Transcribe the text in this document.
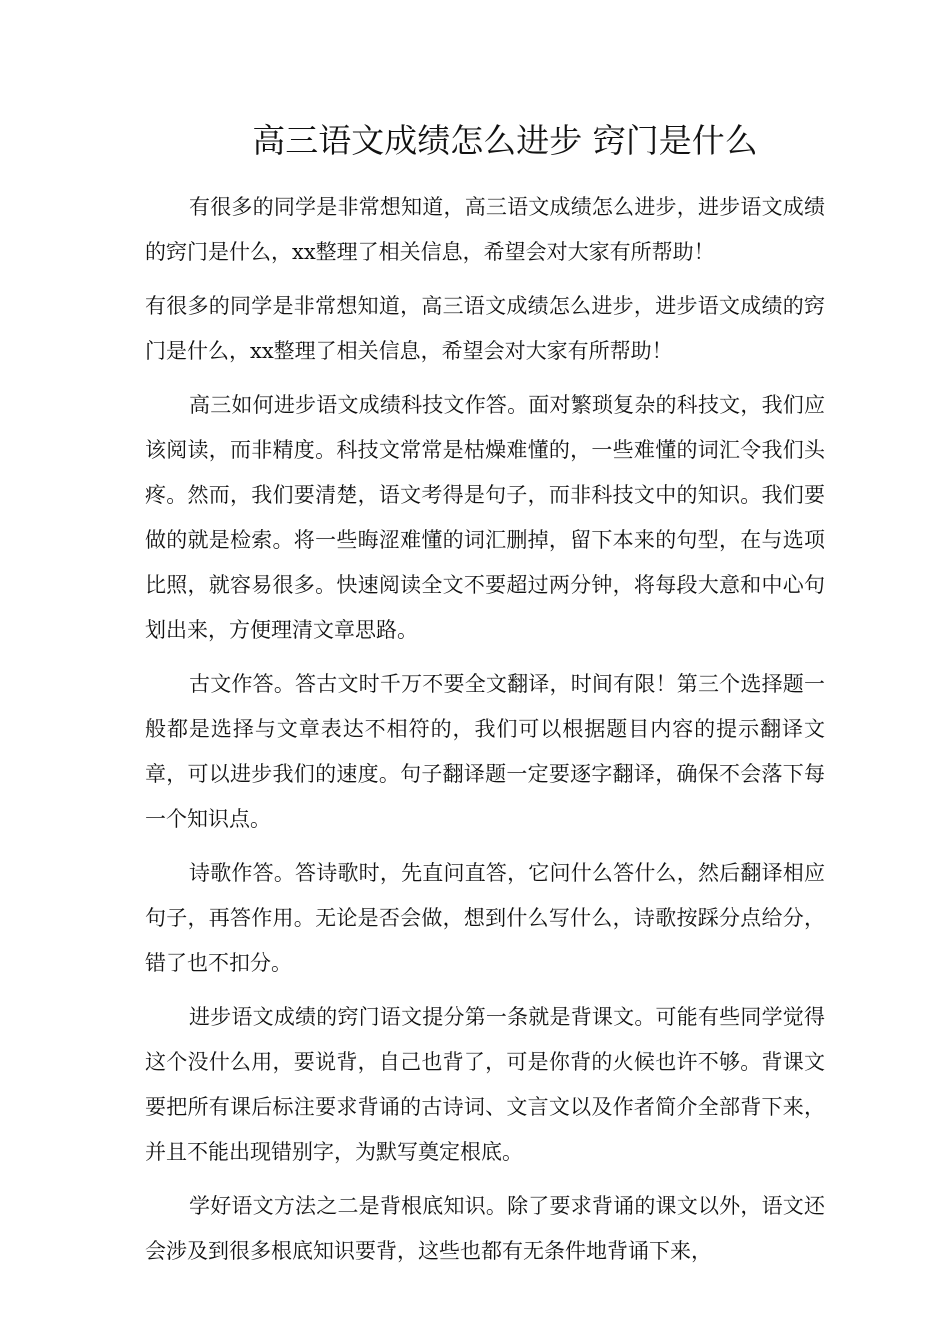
高三语文成绩怎么进步 窍门是什么

有很多的同学是非常想知道，高三语文成绩怎么进步，进步语文成绩的窍门是什么，xx整理了相关信息，希望会对大家有所帮助！

有很多的同学是非常想知道，高三语文成绩怎么进步，进步语文成绩的窍门是什么，xx整理了相关信息，希望会对大家有所帮助！

高三如何进步语文成绩科技文作答。面对繁琐复杂的科技文，我们应该阅读，而非精度。科技文常常是枯燥难懂的，一些难懂的词汇令我们头疼。然而，我们要清楚，语文考得是句子，而非科技文中的知识。我们要做的就是检索。将一些晦涩难懂的词汇删掉，留下本来的句型，在与选项比照，就容易很多。快速阅读全文不要超过两分钟，将每段大意和中心句划出来，方便理清文章思路。

古文作答。答古文时千万不要全文翻译，时间有限！第三个选择题一般都是选择与文章表达不相符的，我们可以根据题目内容的提示翻译文章，可以进步我们的速度。句子翻译题一定要逐字翻译，确保不会落下每一个知识点。

诗歌作答。答诗歌时，先直问直答，它问什么答什么，然后翻译相应句子，再答作用。无论是否会做，想到什么写什么，诗歌按踩分点给分，错了也不扣分。

进步语文成绩的窍门语文提分第一条就是背课文。可能有些同学觉得这个没什么用，要说背，自己也背了，可是你背的火候也许不够。背课文要把所有课后标注要求背诵的古诗词、文言文以及作者简介全部背下来，并且不能出现错别字，为默写奠定根底。

学好语文方法之二是背根底知识。除了要求背诵的课文以外，语文还会涉及到很多根底知识要背，这些也都有无条件地背诵下来，
